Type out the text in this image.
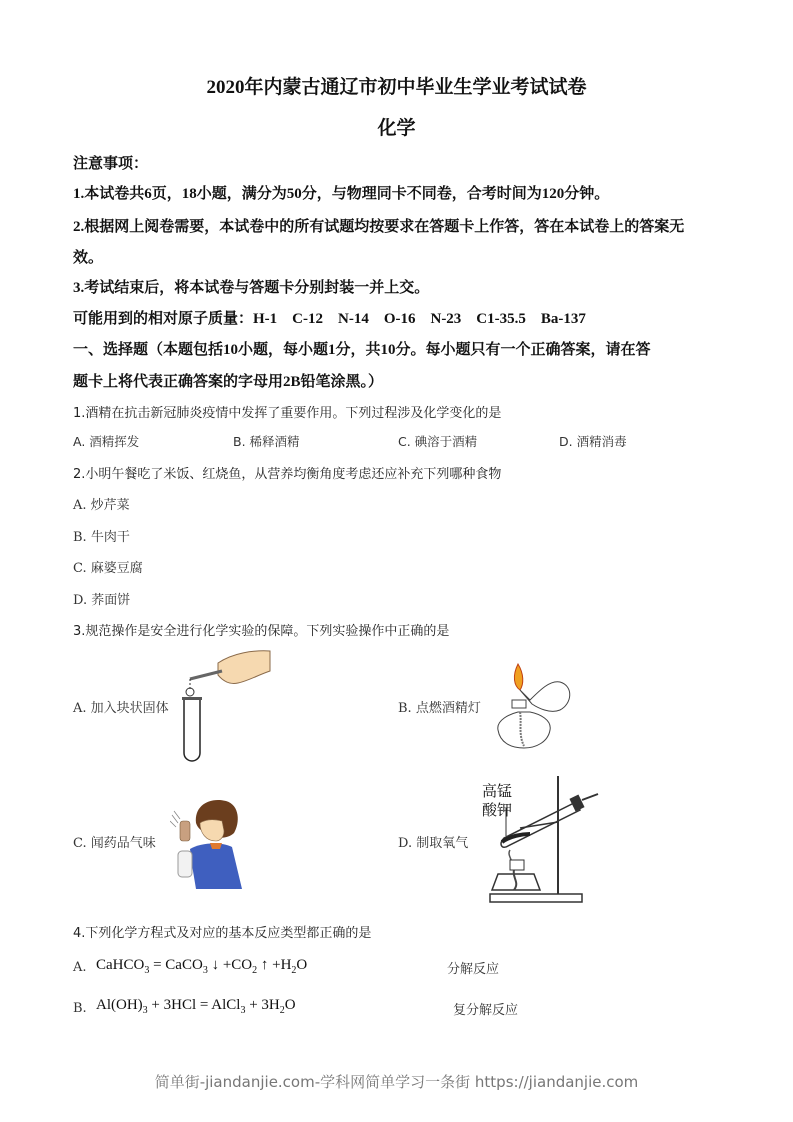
2020年内蒙古通辽市初中毕业生学业考试试卷
化学
注意事项：
1.本试卷共6页，18小题，满分为50分，与物理同卡不同卷，合考时间为120分钟。
2.根据网上阅卷需要，本试卷中的所有试题均按要求在答题卡上作答，答在本试卷上的答案无
效。
3.考试结束后，将本试卷与答题卡分别封装一并上交。
可能用到的相对原子质量：H-1　C-12　N-14　O-16　N-23　C1-35.5　Ba-137
一、选择题（本题包括10小题，每小题1分，共10分。每小题只有一个正确答案，请在答
题卡上将代表正确答案的字母用2B铅笔涂黑。）
1.酒精在抗击新冠肺炎疫情中发挥了重要作用。下列过程涉及化学变化的是
A. 酒精挥发	B. 稀释酒精	C. 碘溶于酒精	D. 酒精消毒
2.小明午餐吃了米饭、红烧鱼，从营养均衡角度考虑还应补充下列哪种食物
A. 炒芹菜
B. 牛肉干
C. 麻婆豆腐
D. 荞面饼
3.规范操作是安全进行化学实验的保障。下列实验操作中正确的是
A. 加入块状固体	B. 点燃酒精灯
C. 闻药品气味	D. 制取氧气
高锰
酸钾
4.下列化学方程式及对应的基本反应类型都正确的是
A. CaHCO$_3$ = CaCO$_3$ ↓ $+CO_2$ ↑ $+H_2O$	分解反应
B. $Al(OH)_3 + 3HCl$ = AlCl$_3$ + $3H_2O$	复分解反应
简单街-jiandanjie.com-学科网简单学习一条街 https://jiandanjie.com
